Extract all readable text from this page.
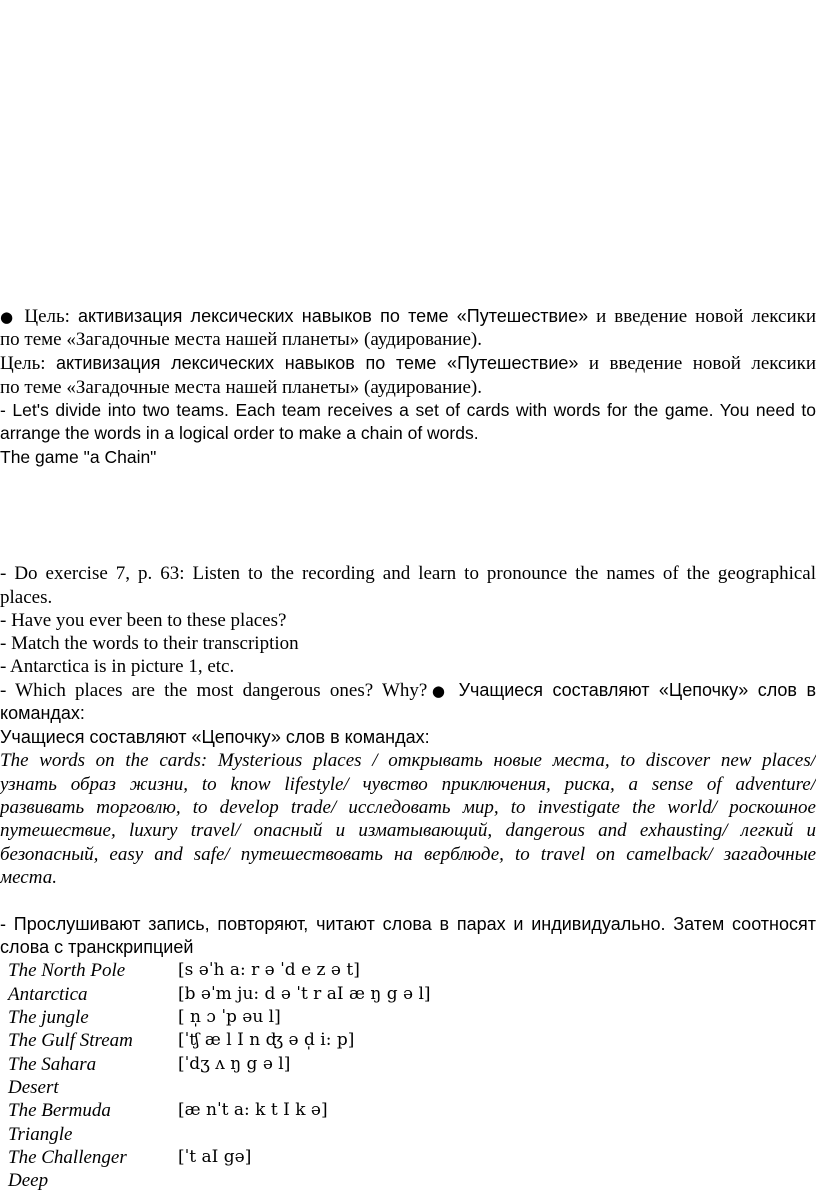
● Цель: активизация лексических навыков по теме «Путешествие» и введение новой лексики
по теме «Загадочные места нашей планеты» (аудирование).
Цель: активизация лексических навыков по теме «Путешествие» и введение новой лексики
по теме «Загадочные места нашей планеты» (аудирование).
- Let's divide into two teams. Each team receives a set of cards with words for the game. You need to
arrange the words in a logical order to make a chain of words.
The game "a Chain"
- Do exercise 7, p. 63: Listen to the recording and learn to pronounce the names of the geographical
places.
- Have you ever been to these places?
- Match the words to their transcription
- Antarctica is in picture 1, etc.
- Which places are the most dangerous ones? Why?● Учащиеся составляют «Цепочку» слов в
командах:
Учащиеся составляют «Цепочку» слов в командах:
The words on the cards: Mysterious places / открывать новые места, to discover new places/
узнать образ жизни, to know lifestyle/ чувство приключения, риска, a sense of adventure/
развивать торговлю, to develop trade/ исследовать мир, to investigate the world/ роскошное
путешествие, luxury travel/ опасный и изматывающий, dangerous and exhausting/ легкий и
безопасный, easy and safe/ путешествовать на верблюде, to travel on camelback/ загадочные
места.
- Прослушивают запись, повторяют, читают слова в парах и индивидуально. Затем соотносят
слова с транскрипцией
The North Pole	[s əˈh a: r ə ˈd e z ə t]
Antarctica	[b əˈm ju: d ə ˈt r aI æ ŋ g ə l]
The jungle	[ n̩ ɔ ˈp əu l]
The Gulf Stream	[ˈʧ æ l I n ʤ ə d̩ i: p]
The Sahara	[ˈdʒ ʌ ŋ g ə l]
Desert
The Bermuda	[æ nˈt a: k t I k ə]
Triangle
The Challenger	[ˈt aI gə]
Deep
